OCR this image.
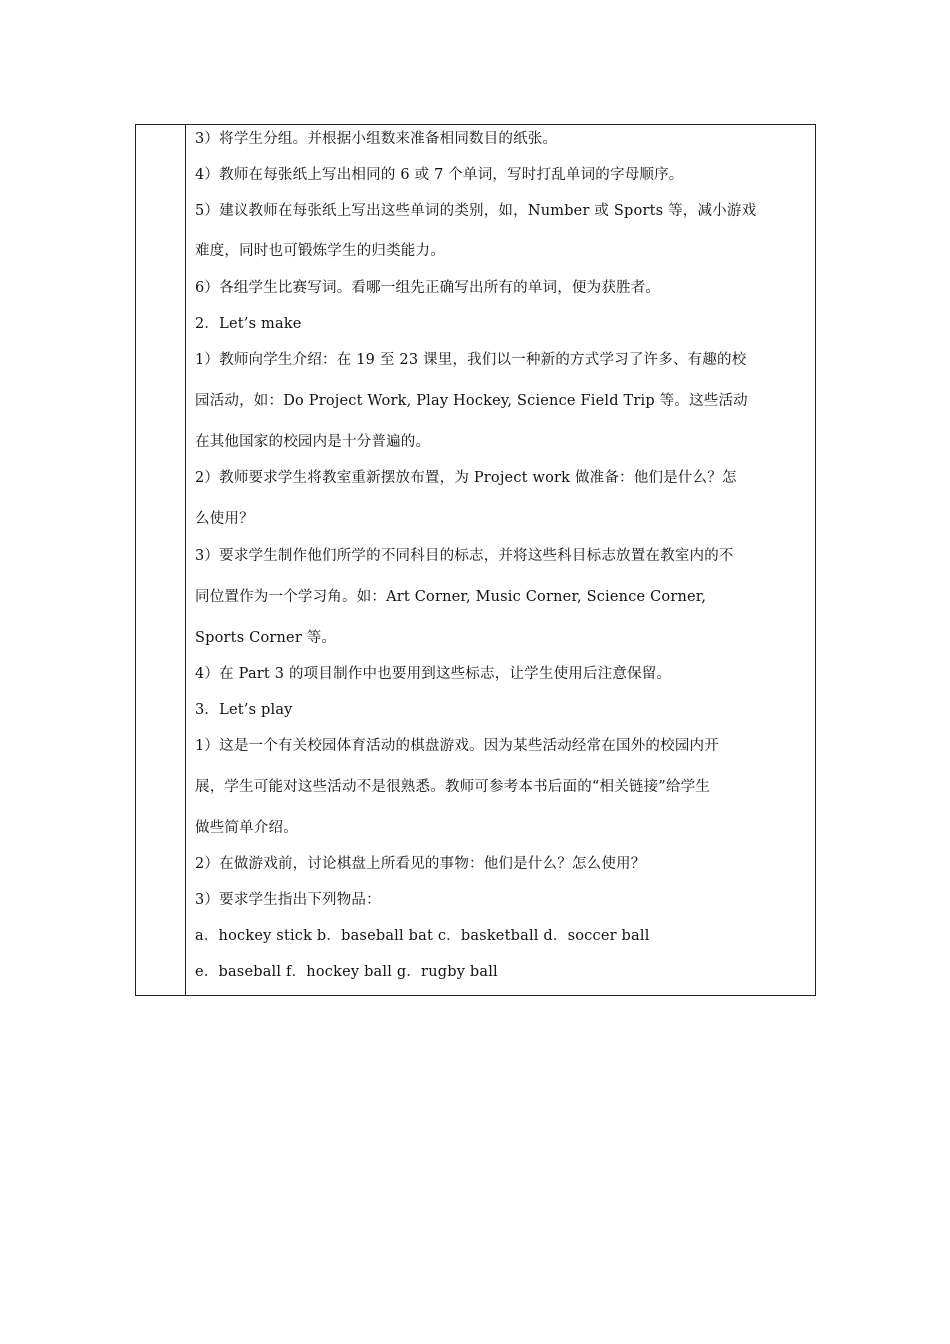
3）将学生分组。并根据小组数来准备相同数目的纸张。
4）教师在每张纸上写出相同的 6 或 7 个单词，写时打乱单词的字母顺序。
5）建议教师在每张纸上写出这些单词的类别，如，Number 或 Sports 等，减小游戏
难度，同时也可锻炼学生的归类能力。
6）各组学生比赛写词。看哪一组先正确写出所有的单词，便为获胜者。
2．Let’s make
1）教师向学生介绍：在 19 至 23 课里，我们以一种新的方式学习了许多、有趣的校
园活动，如：Do Project Work, Play Hockey, Science Field Trip 等。这些活动
在其他国家的校园内是十分普遍的。
2）教师要求学生将教室重新摆放布置，为 Project work 做准备：他们是什么？怎
么使用？
3）要求学生制作他们所学的不同科目的标志，并将这些科目标志放置在教室内的不
同位置作为一个学习角。如：Art Corner, Music Corner, Science Corner,
Sports Corner 等。
4）在 Part 3 的项目制作中也要用到这些标志，让学生使用后注意保留。
3．Let’s play
1）这是一个有关校园体育活动的棋盘游戏。因为某些活动经常在国外的校园内开
展，学生可能对这些活动不是很熟悉。教师可参考本书后面的“相关链接”给学生
做些简单介绍。
2）在做游戏前，讨论棋盘上所看见的事物：他们是什么？怎么使用？
3）要求学生指出下列物品：
a．hockey stick b．baseball bat c．basketball d．soccer ball
e．baseball f．hockey ball g．rugby ball
